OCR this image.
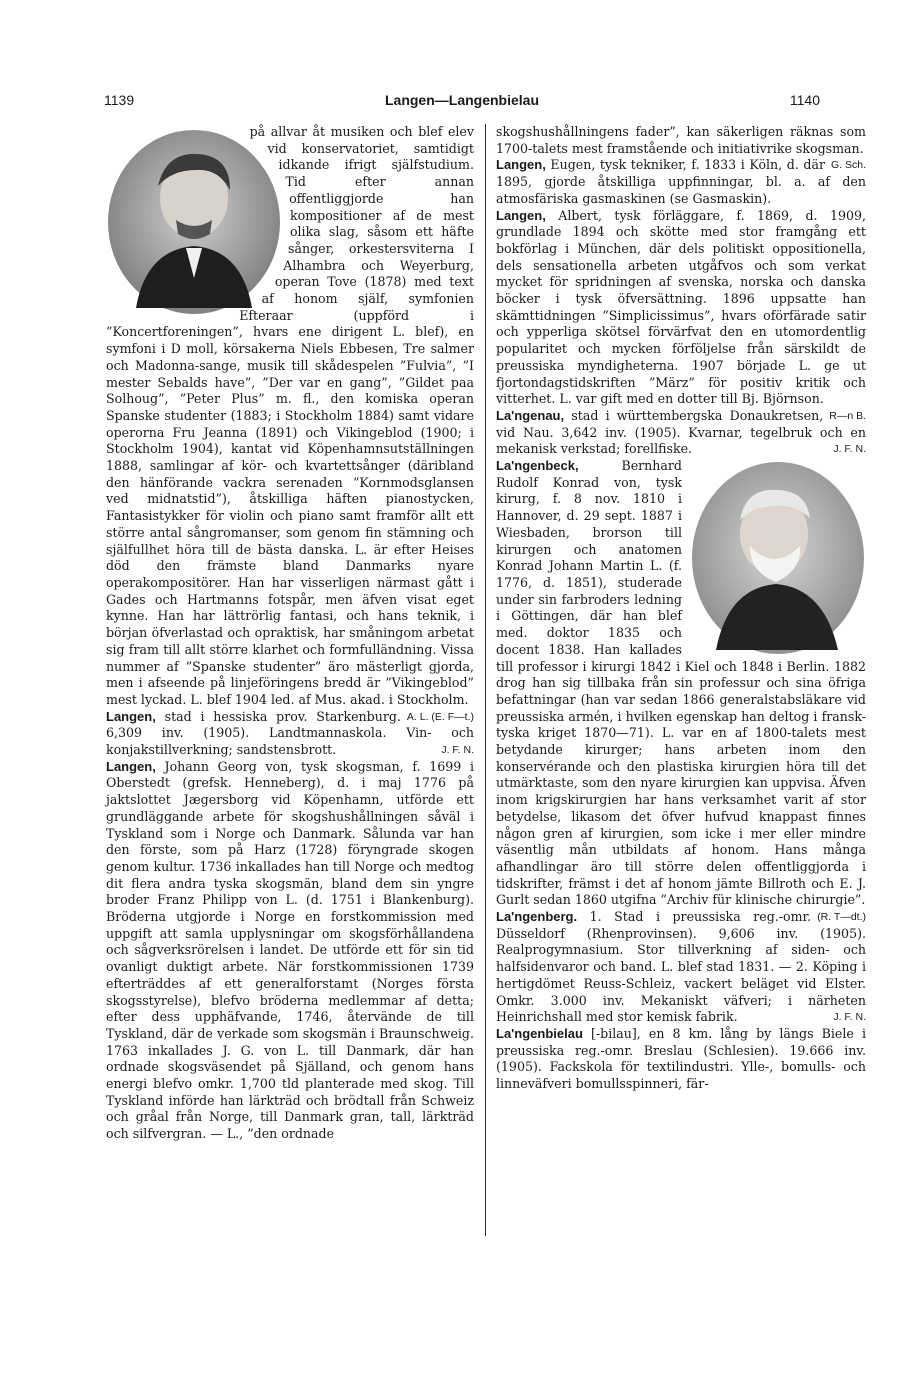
1139	Langen—Langenbielau	1140

på allvar åt musiken och blef elev vid konservatoriet, samtidigt idkande ifrigt själfstudium. Tid efter annan offentliggjorde han kompositioner af de mest olika slag, såsom ett häfte sånger, orkestersviterna I Alhambra och Weyerburg, operan Tove (1878) med text af honom själf, symfonien Efteraar (uppförd i ”Koncertforeningen”, hvars ene dirigent L. blef), en symfoni i D moll, körsakerna Niels Ebbesen, Tre salmer och Madonna-sange, musik till skådespelen ”Fulvia”, ”I mester Sebalds have”, ”Der var en gang”, ”Gildet paa Solhoug”, ”Peter Plus” m. fl., den komiska operan Spanske studenter (1883; i Stockholm 1884) samt vidare operorna Fru Jeanna (1891) och Vikingeblod (1900; i Stockholm 1904), kantat vid Köpenhamnsutställningen 1888, samlingar af kör- och kvartettsånger (däribland den hänförande vackra serenaden ”Kornmodsglansen ved midnatstid”), åtskilliga häften pianostycken, Fantasistykker för violin och piano samt framför allt ett större antal sångromanser, som genom fin stämning och själfullhet höra till de bästa danska. L. är efter Heises död den främste bland Danmarks nyare operakompositörer. Han har visserligen närmast gått i Gades och Hartmanns fotspår, men äfven visat eget kynne. Han har lättrörlig fantasi, och hans teknik, i början öfverlastad och opraktisk, har småningom arbetat sig fram till allt större klarhet och formfulländning. Vissa nummer af ”Spanske studenter” äro mästerligt gjorda, men i afseende på linjeföringens bredd är ”Vikingeblod” mest lyckad. L. blef 1904 led. af Mus. akad. i Stockholm.
A. L. (E. F—t.)

Langen, stad i hessiska prov. Starkenburg. 6,309 inv. (1905). Landtmannaskola. Vin- och konjakstillverkning; sandstensbrott.	J. F. N.

Langen, Johann Georg von, tysk skogsman, f. 1699 i Oberstedt (grefsk. Henneberg), d. i maj 1776 på jaktslottet Jægersborg vid Köpenhamn, utförde ett grundläggande arbete för skogshushållningen såväl i Tyskland som i Norge och Danmark. Sålunda var han den förste, som på Harz (1728) föryngrade skogen genom kultur. 1736 inkallades han till Norge och medtog dit flera andra tyska skogsmän, bland dem sin yngre broder Franz Philipp von L. (d. 1751 i Blankenburg). Bröderna utgjorde i Norge en forstkommission med uppgift att samla upplysningar om skogsförhållandena och sågverksrörelsen i landet. De utförde ett för sin tid ovanligt duktigt arbete. När forstkommissionen 1739 efterträddes af ett generalforstamt (Norges första skogsstyrelse), blefvo bröderna medlemmar af detta; efter dess upphäfvande, 1746, återvände de till Tyskland, där de verkade som skogsmän i Braunschweig. 1763 inkallades J. G. von L. till Danmark, där han ordnade skogsväsendet på Själland, och genom hans energi blefvo omkr. 1,700 tld planterade med skog. Till Tyskland införde han lärkträd och brödtall från Schweiz och gråal från Norge, till Danmark gran, tall, lärkträd och silfvergran. — L., ”den ordnade

skogshushållningens fader”, kan säkerligen räknas som 1700-talets mest framstående och initiativrike skogsman.
G. Sch.

Langen, Eugen, tysk tekniker, f. 1833 i Köln, d. där 1895, gjorde åtskilliga uppfinningar, bl. a. af den atmosfäriska gasmaskinen (se Gasmaskin).

Langen, Albert, tysk förläggare, f. 1869, d. 1909, grundlade 1894 och skötte med stor framgång ett bokförlag i München, där dels politiskt oppositionella, dels sensationella arbeten utgåfvos och som verkat mycket för spridningen af svenska, norska och danska böcker i tysk öfversättning. 1896 uppsatte han skämttidningen ”Simplicissimus”, hvars oförfärade satir och ypperliga skötsel förvärfvat den en utomordentlig popularitet och mycken förföljelse från särskildt de preussiska myndigheterna. 1907 började L. ge ut fjortondagstidskriften ”März” för positiv kritik och vitterhet. L. var gift med en dotter till Bj. Björnson.
R—n B.

La'ngenau, stad i württembergska Donaukretsen, vid Nau. 3,642 inv. (1905). Kvarnar, tegelbruk och en mekanisk verkstad; forellfiske.	J. F. N.

La'ngenbeck,	Bernhard Rudolf Konrad von, tysk kirurg, f. 8 nov. 1810 i Hannover, d. 29 sept. 1887 i Wiesbaden, brorson till kirurgen och anatomen Konrad Johann Martin L. (f. 1776, d. 1851), studerade under sin farbroders ledning i Göttingen, där han blef med. doktor 1835 och docent 1838. Han kallades till professor i kirurgi 1842 i Kiel och 1848 i Berlin. 1882 drog han sig tillbaka från sin professur och sina öfriga befattningar (han var sedan 1866 generalstabsläkare vid preussiska armén, i hvilken egenskap han deltog i fransk-tyska kriget 1870—71). L. var en af 1800-talets mest betydande kirurger; hans arbeten inom den konservérande och den plastiska kirurgien höra till det utmärktaste, som den nyare kirurgien kan uppvisa. Äfven inom krigskirurgien har hans verksamhet varit af stor betydelse, likasom det öfver hufvud knappast finnes någon gren af kirurgien, som icke i mer eller mindre väsentlig mån utbildats af honom. Hans många afhandlingar äro till större delen offentliggjorda i tidskrifter, främst i det af honom jämte Billroth och E. J. Gurlt sedan 1860 utgifna ”Archiv für klinische chirurgie”.
(R. T—dt.)

La'ngenberg. 1. Stad i preussiska reg.-omr. Düsseldorf (Rhenprovinsen). 9,606 inv. (1905). Realprogymnasium. Stor tillverkning af siden- och halfsidenvaror och band. L. blef stad 1831. — 2. Köping i hertigdömet Reuss-Schleiz, vackert beläget vid Elster. Omkr. 3.000 inv. Mekaniskt väfveri; i närheten Heinrichshall med stor kemisk fabrik.	J. F. N.

La'ngenbielau [-bilau], en 8 km. lång by längs Biele i preussiska reg.-omr. Breslau (Schlesien). 19.666 inv. (1905). Fackskola för textilindustri. Ylle-, bomulls- och linneväfveri bomullsspinneri, fär-
